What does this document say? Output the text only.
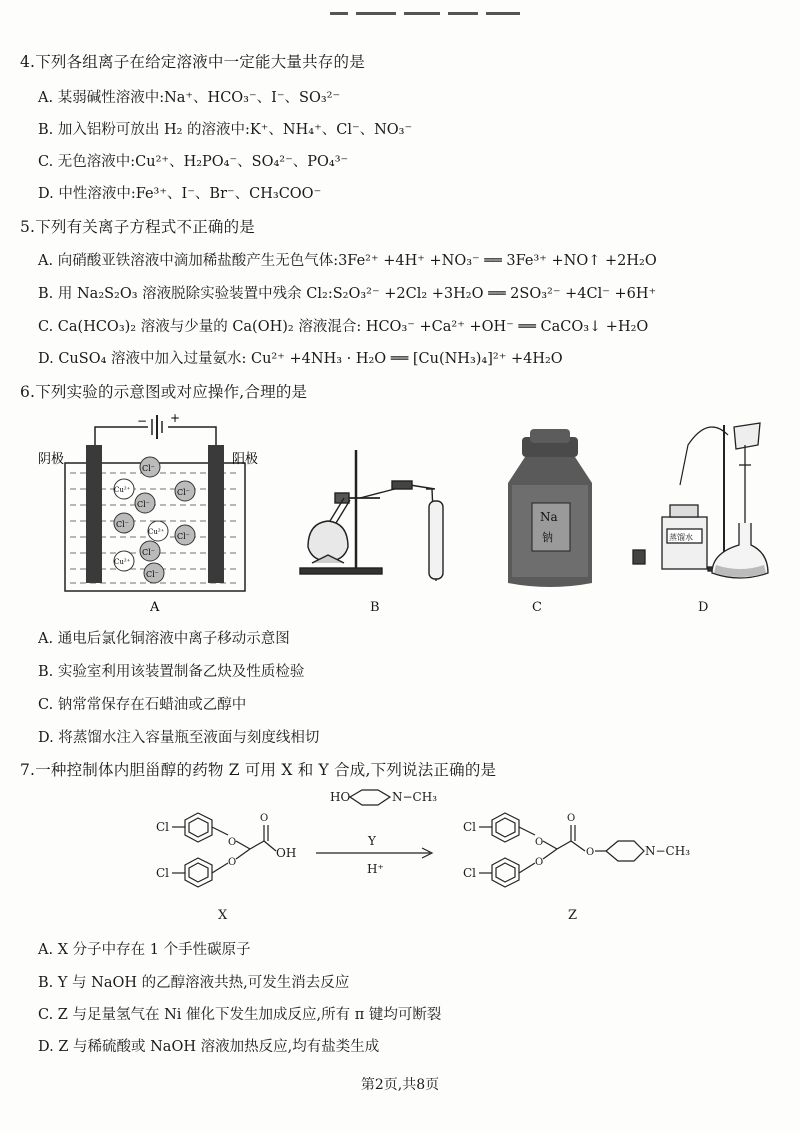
4.下列各组离子在给定溶液中一定能大量共存的是
A. 某弱碱性溶液中:Na⁺、HCO₃⁻、I⁻、SO₃²⁻
B. 加入铝粉可放出 H₂ 的溶液中:K⁺、NH₄⁺、Cl⁻、NO₃⁻
C. 无色溶液中:Cu²⁺、H₂PO₄⁻、SO₄²⁻、PO₄³⁻
D. 中性溶液中:Fe³⁺、I⁻、Br⁻、CH₃COO⁻
5.下列有关离子方程式不正确的是
A. 向硝酸亚铁溶液中滴加稀盐酸产生无色气体:3Fe²⁺ +4H⁺ +NO₃⁻ ══ 3Fe³⁺ +NO↑ +2H₂O
B. 用 Na₂S₂O₃ 溶液脱除实验装置中残余 Cl₂:S₂O₃²⁻ +2Cl₂ +3H₂O ══ 2SO₃²⁻ +4Cl⁻ +6H⁺
C. Ca(HCO₃)₂ 溶液与少量的 Ca(OH)₂ 溶液混合: HCO₃⁻ +Ca²⁺ +OH⁻ ══ CaCO₃↓ +H₂O
D. CuSO₄ 溶液中加入过量氨水: Cu²⁺ +4NH₃ · H₂O ══ [Cu(NH₃)₄]²⁺ +4H₂O
6.下列实验的示意图或对应操作,合理的是
− +
阴极	阳极
Cl⁻
Cu²⁺	Cl⁻
Cl⁻
Cl⁻
Cu²⁺ Cl⁻
Cl⁻
Cu²⁺
Cl⁻
A	B
Na
钠
C
蒸馏水
D
A. 通电后氯化铜溶液中离子移动示意图
B. 实验室利用该装置制备乙炔及性质检验
C. 钠常常保存在石蜡油或乙醇中
D. 将蒸馏水注入容量瓶至液面与刻度线相切
7.一种控制体内胆甾醇的药物 Z 可用 X 和 Y 合成,下列说法正确的是
HO	N−CH₃
Y
H⁺
Cl
Cl
O
O
O
OH
Cl
Cl
O
O
O
O	N−CH₃
X	Z
A. X 分子中存在 1 个手性碳原子
B. Y 与 NaOH 的乙醇溶液共热,可发生消去反应
C. Z 与足量氢气在 Ni 催化下发生加成反应,所有 π 键均可断裂
D. Z 与稀硫酸或 NaOH 溶液加热反应,均有盐类生成
第2页,共8页
